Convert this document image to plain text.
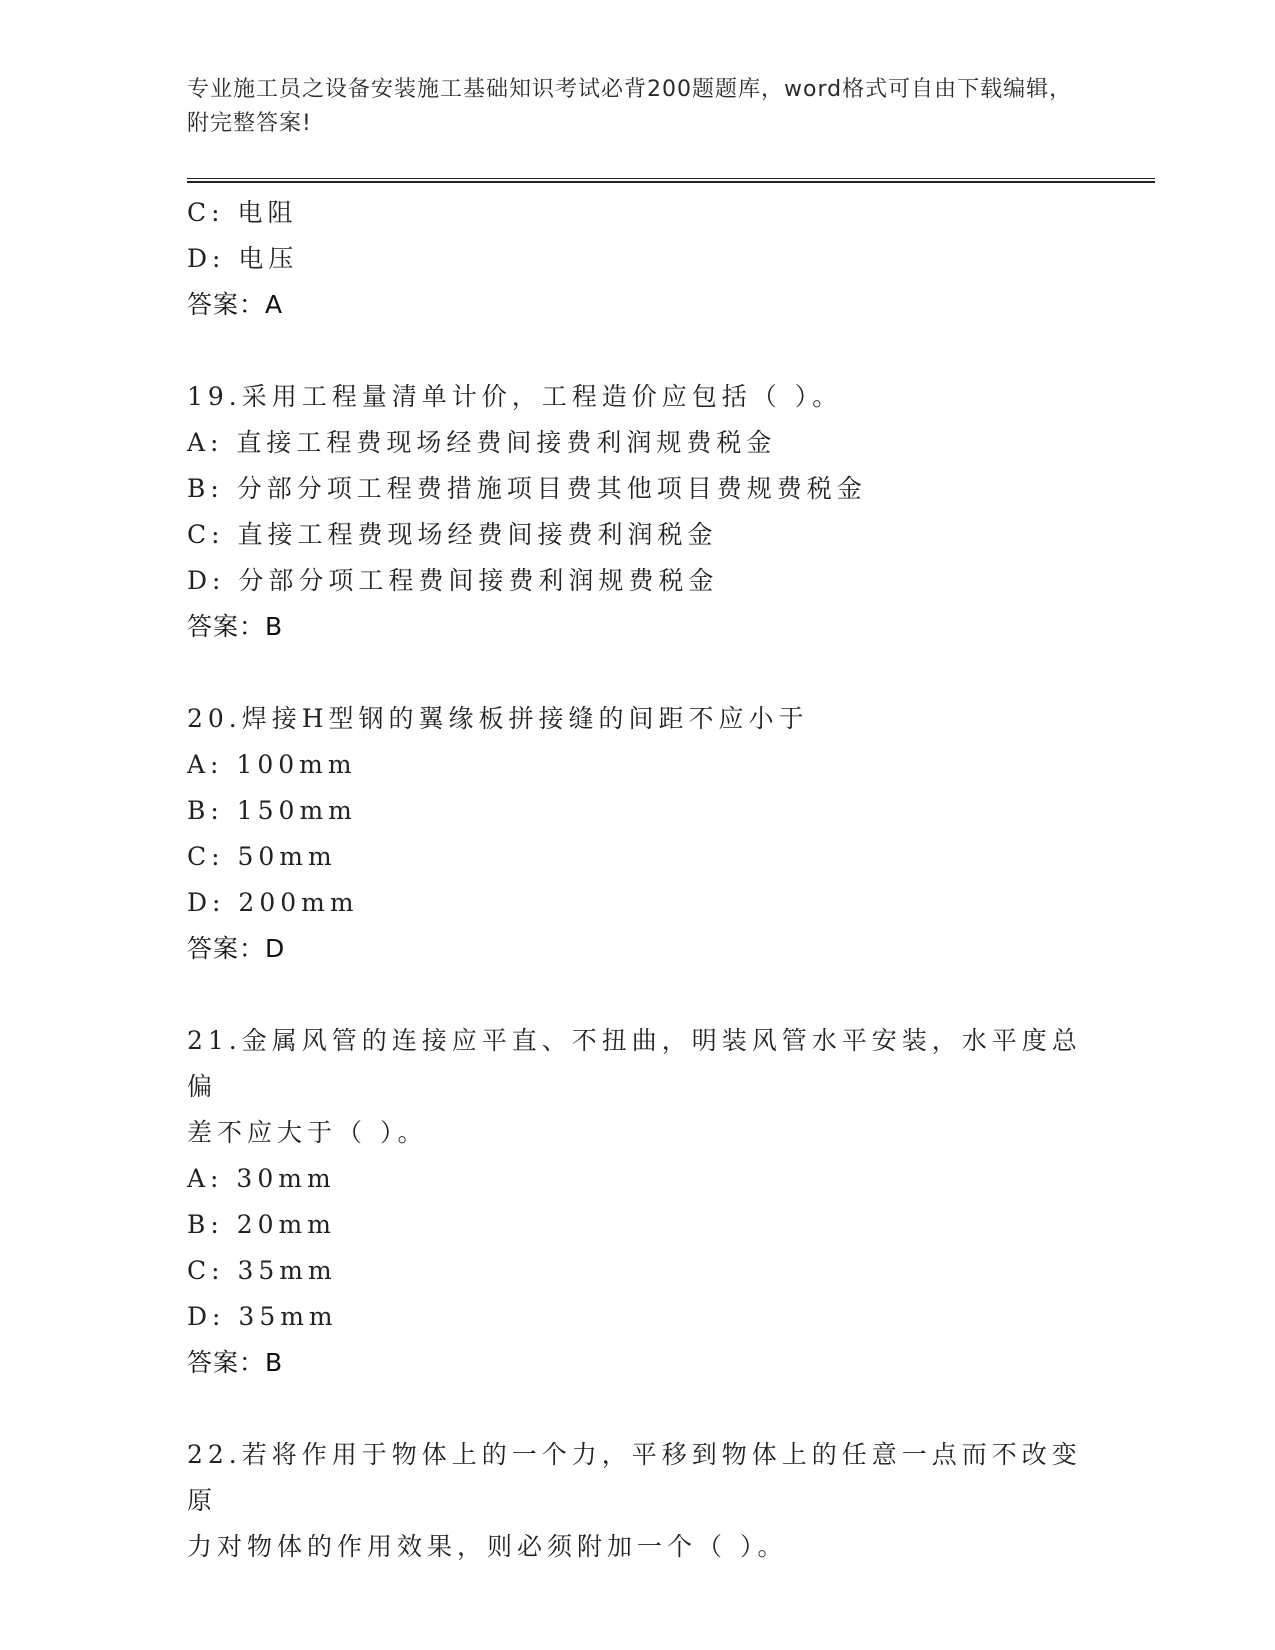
专业施工员之设备安装施工基础知识考试必背200题题库，word格式可自由下载编辑，附完整答案!
C: 电阻
D: 电压
答案：A
19.采用工程量清单计价，工程造价应包括（ ）。
A: 直接工程费现场经费间接费利润规费税金
B: 分部分项工程费措施项目费其他项目费规费税金
C: 直接工程费现场经费间接费利润税金
D: 分部分项工程费间接费利润规费税金
答案：B
20.焊接H型钢的翼缘板拼接缝的间距不应小于
A: 100mm
B: 150mm
C: 50mm
D: 200mm
答案：D
21.金属风管的连接应平直、不扭曲，明装风管水平安装，水平度总偏
差不应大于（ ）。
A: 30mm
B: 20mm
C: 35mm
D: 35mm
答案：B
22.若将作用于物体上的一个力，平移到物体上的任意一点而不改变原
力对物体的作用效果，则必须附加一个（ ）。
